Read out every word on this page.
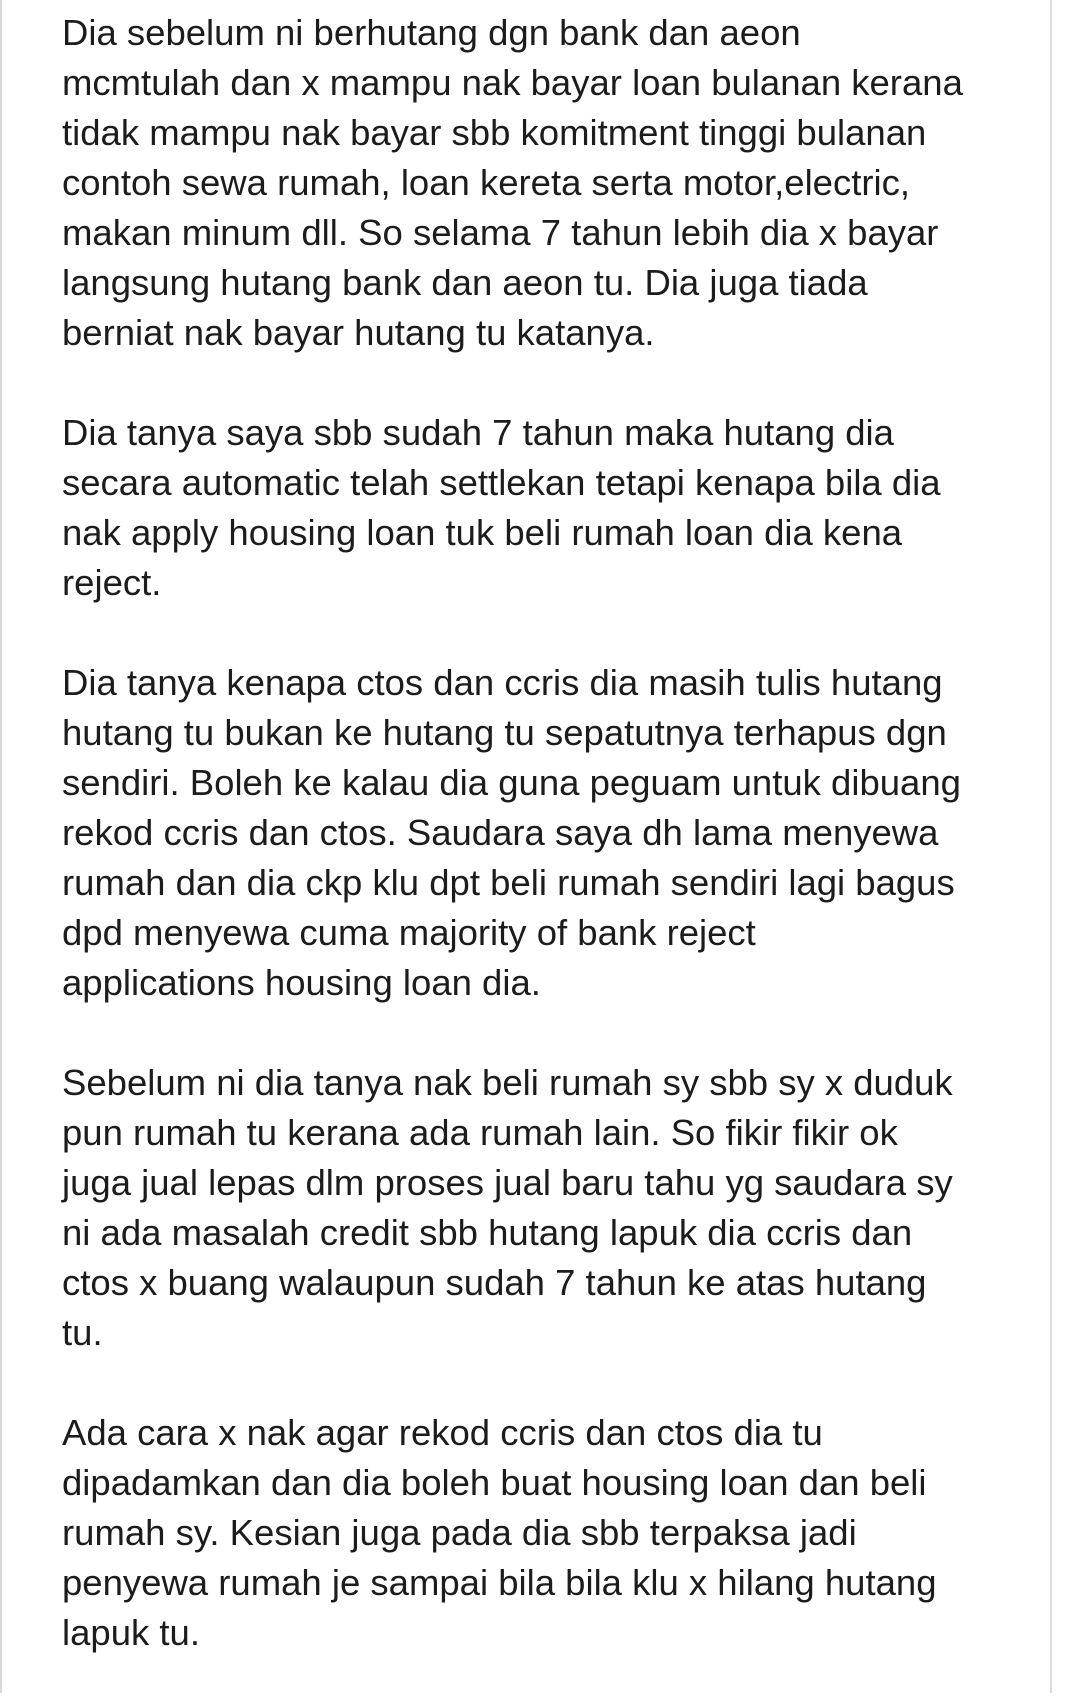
Dia sebelum ni berhutang dgn bank dan aeon
mcmtulah dan x mampu nak bayar loan bulanan kerana
tidak mampu nak bayar sbb komitment tinggi bulanan
contoh sewa rumah, loan kereta serta motor,electric,
makan minum dll. So selama 7 tahun lebih dia x bayar
langsung hutang bank dan aeon tu. Dia juga tiada
berniat nak bayar hutang tu katanya.

Dia tanya saya sbb sudah 7 tahun maka hutang dia
secara automatic telah settlekan tetapi kenapa bila dia
nak apply housing loan tuk beli rumah loan dia kena
reject.

Dia tanya kenapa ctos dan ccris dia masih tulis hutang
hutang tu bukan ke hutang tu sepatutnya terhapus dgn
sendiri. Boleh ke kalau dia guna peguam untuk dibuang
rekod ccris dan ctos. Saudara saya dh lama menyewa
rumah dan dia ckp klu dpt beli rumah sendiri lagi bagus
dpd menyewa cuma majority of bank reject
applications housing loan dia.

Sebelum ni dia tanya nak beli rumah sy sbb sy x duduk
pun rumah tu kerana ada rumah lain. So fikir fikir ok
juga jual lepas dlm proses jual baru tahu yg saudara sy
ni ada masalah credit sbb hutang lapuk dia ccris dan
ctos x buang walaupun sudah 7 tahun ke atas hutang
tu.

Ada cara x nak agar rekod ccris dan ctos dia tu
dipadamkan dan dia boleh buat housing loan dan beli
rumah sy. Kesian juga pada dia sbb terpaksa jadi
penyewa rumah je sampai bila bila klu x hilang hutang
lapuk tu.
